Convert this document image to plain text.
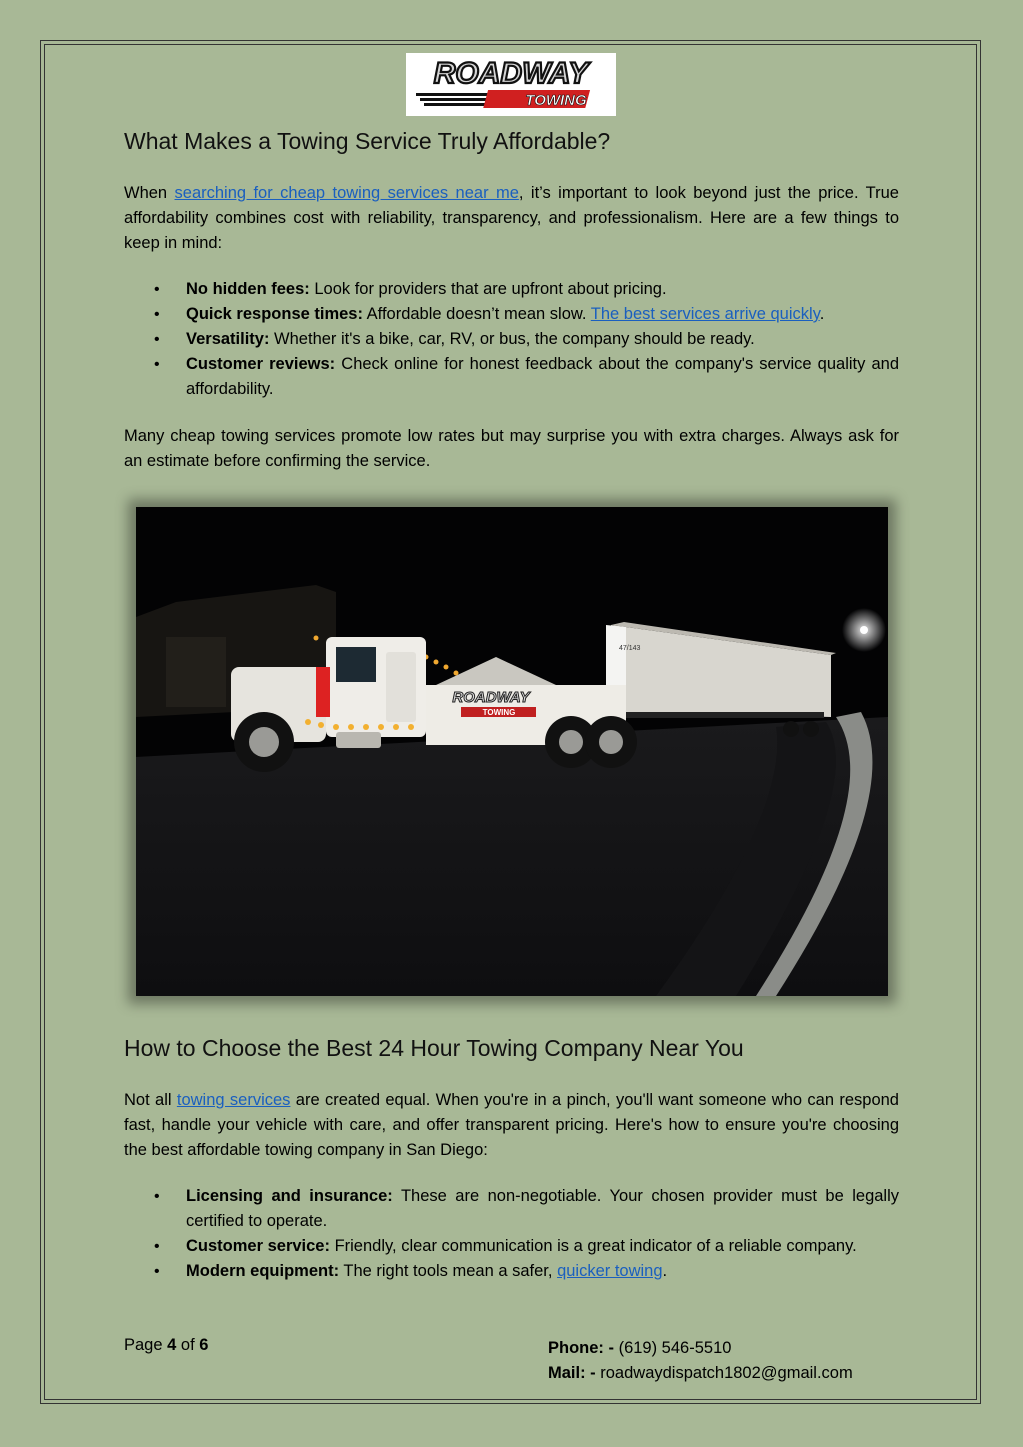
ROADWAY
TOWING
What Makes a Towing Service Truly Affordable?

When searching for cheap towing services near me, it’s important to look beyond just the price. True affordability combines cost with reliability, transparency, and professionalism. Here are a few things to keep in mind:

• No hidden fees: Look for providers that are upfront about pricing.
• Quick response times: Affordable doesn’t mean slow. The best services arrive quickly.
• Versatility: Whether it's a bike, car, RV, or bus, the company should be ready.
• Customer reviews: Check online for honest feedback about the company's service quality and affordability.

Many cheap towing services promote low rates but may surprise you with extra charges. Always ask for an estimate before confirming the service.

47/143
ROADWAY
TOWING
How to Choose the Best 24 Hour Towing Company Near You

Not all towing services are created equal. When you're in a pinch, you'll want someone who can respond fast, handle your vehicle with care, and offer transparent pricing. Here's how to ensure you're choosing the best affordable towing company in San Diego:

• Licensing and insurance: These are non-negotiable. Your chosen provider must be legally certified to operate.
• Customer service: Friendly, clear communication is a great indicator of a reliable company.
• Modern equipment: The right tools mean a safer, quicker towing.
Page 4 of 6	Phone: - (619) 546-5510
Mail: - roadwaydispatch1802@gmail.com
